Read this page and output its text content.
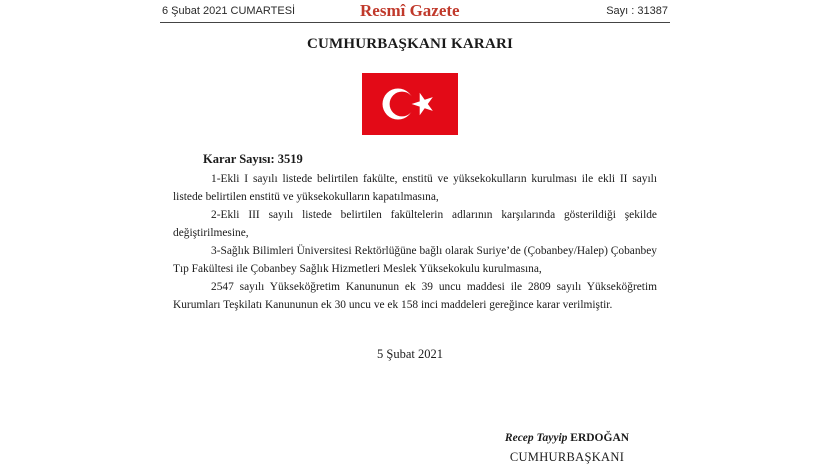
6 Şubat 2021 CUMARTESİ	Resmî Gazete	Sayı : 31387
CUMHURBAŞKANI KARARI
Karar Sayısı: 3519

1-Ekli I sayılı listede belirtilen fakülte, enstitü ve yüksekokulların kurulması ile ekli II sayılı listede belirtilen enstitü ve yüksekokulların kapatılmasına,

2-Ekli III sayılı listede belirtilen fakültelerin adlarının karşılarında gösterildiği şekilde değiştirilmesine,

3-Sağlık Bilimleri Üniversitesi Rektörlüğüne bağlı olarak Suriye’de (Çobanbey/Halep) Çobanbey Tıp Fakültesi ile Çobanbey Sağlık Hizmetleri Meslek Yüksekokulu kurulmasına,

2547 sayılı Yükseköğretim Kanununun ek 39 uncu maddesi ile 2809 sayılı Yükseköğretim Kurumları Teşkilatı Kanununun ek 30 uncu ve ek 158 inci maddeleri gereğince karar verilmiştir.

5 Şubat 2021
Recep Tayyip ERDOĞAN
CUMHURBAŞKANI
